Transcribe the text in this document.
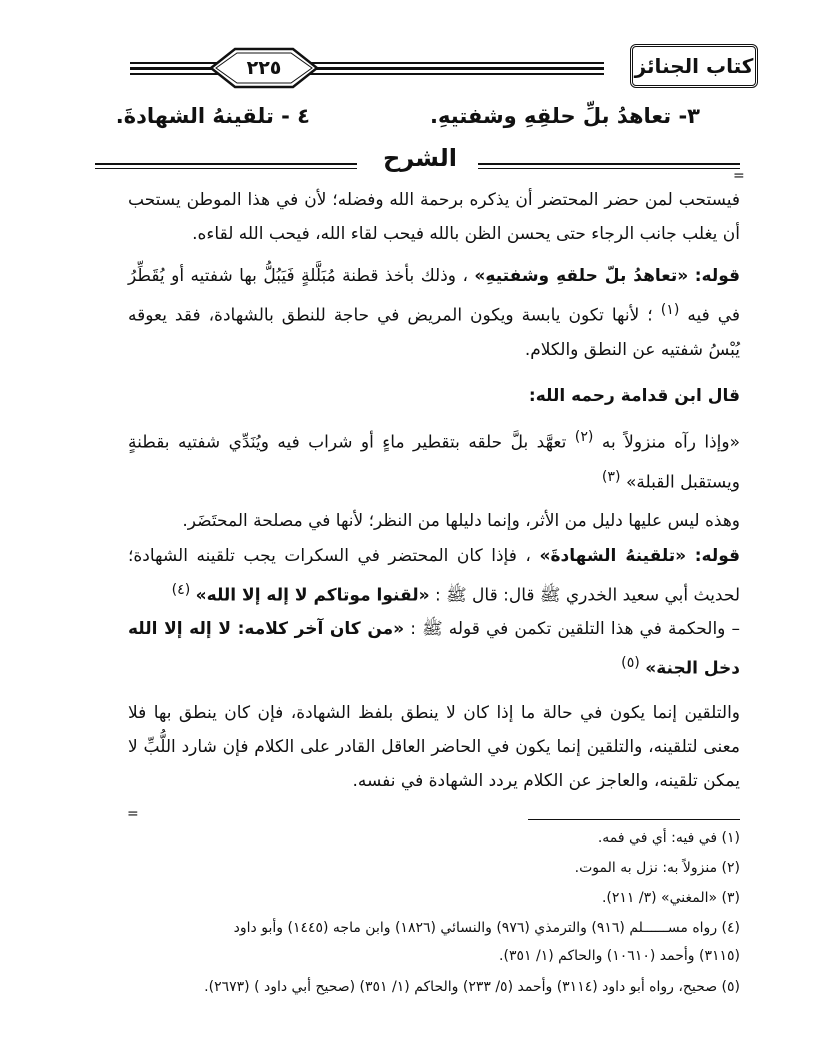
٢٢٥	كتاب الجنائز
٣- تعاهدُ بلِّ حلقِهِ وشفتيهِ.
٤ - تلقينهُ الشهادةَ.
الشرح
=
فيستحب لمن حضر المحتضر أن يذكره برحمة الله وفضله؛ لأن في هذا الموطن يستحب أن يغلب جانب الرجاء حتى يحسن الظن بالله فيحب لقاء الله، فيحب الله لقاءه.
قوله: «تعاهدُ بلّ حلقهِ وشفتيهِ» ، وذلك بأخذ قطنة مُبَلَّلةٍ فَيَبُلُّ بها شفتيه أو يُقَطِّرُ في فيه $^{(١)}$ ؛ لأنها تكون يابسة ويكون المريض في حاجة للنطق بالشهادة، فقد يعوقه يُبْسُ شفتيه عن النطق والكلام.
قال ابن قدامة رحمه الله:
«وإذا رآه منزولاً به $^{(٢)}$ تعهَّد بلَّ حلقه بتقطير ماءٍ أو شراب فيه ويُنَدِّي شفتيه بقطنةٍ ويستقبل القبلة» $^{(٣)}$
وهذه ليس عليها دليل من الأثر، وإنما دليلها من النظر؛ لأنها في مصلحة المحتَضَر.
قوله: «تلقينهُ الشهادةَ» ، فإذا كان المحتضر في السكرات يجب تلقينه الشهادة؛ لحديث أبي سعيد الخدري ﷺ قال: قال ﷺ : «لقنوا موتاكم لا إله إلا الله» $^{(٤)}$
– والحكمة في هذا التلقين تكمن في قوله ﷺ : «من كان آخر كلامه: لا إله إلا الله دخل الجنة» $^{(٥)}$
والتلقين إنما يكون في حالة ما إذا كان لا ينطق بلفظ الشهادة، فإن كان ينطق بها فلا معنى لتلقينه، والتلقين إنما يكون في الحاضر العاقل القادر على الكلام فإن شارد اللُّبِّ لا يمكن تلقينه، والعاجز عن الكلام يردد الشهادة في نفسه.
=
(١) في فيه: أي في فمه.
(٢) منزولاً به: نزل به الموت.
(٣) «المغني» (٣/ ٢١١).
(٤) رواه مســــــلم (٩١٦) والترمذي (٩٧٦) والنسائي (١٨٢٦) وابن ماجه (١٤٤٥) وأبو داود
(٣١١٥) وأحمد (١٠٦١٠) والحاكم (١/ ٣٥١).
(٥) صحيح، رواه أبو داود (٣١١٤) وأحمد (٥/ ٢٣٣) والحاكم (١/ ٣٥١) (صحيح أبي داود ) (٢٦٧٣).
